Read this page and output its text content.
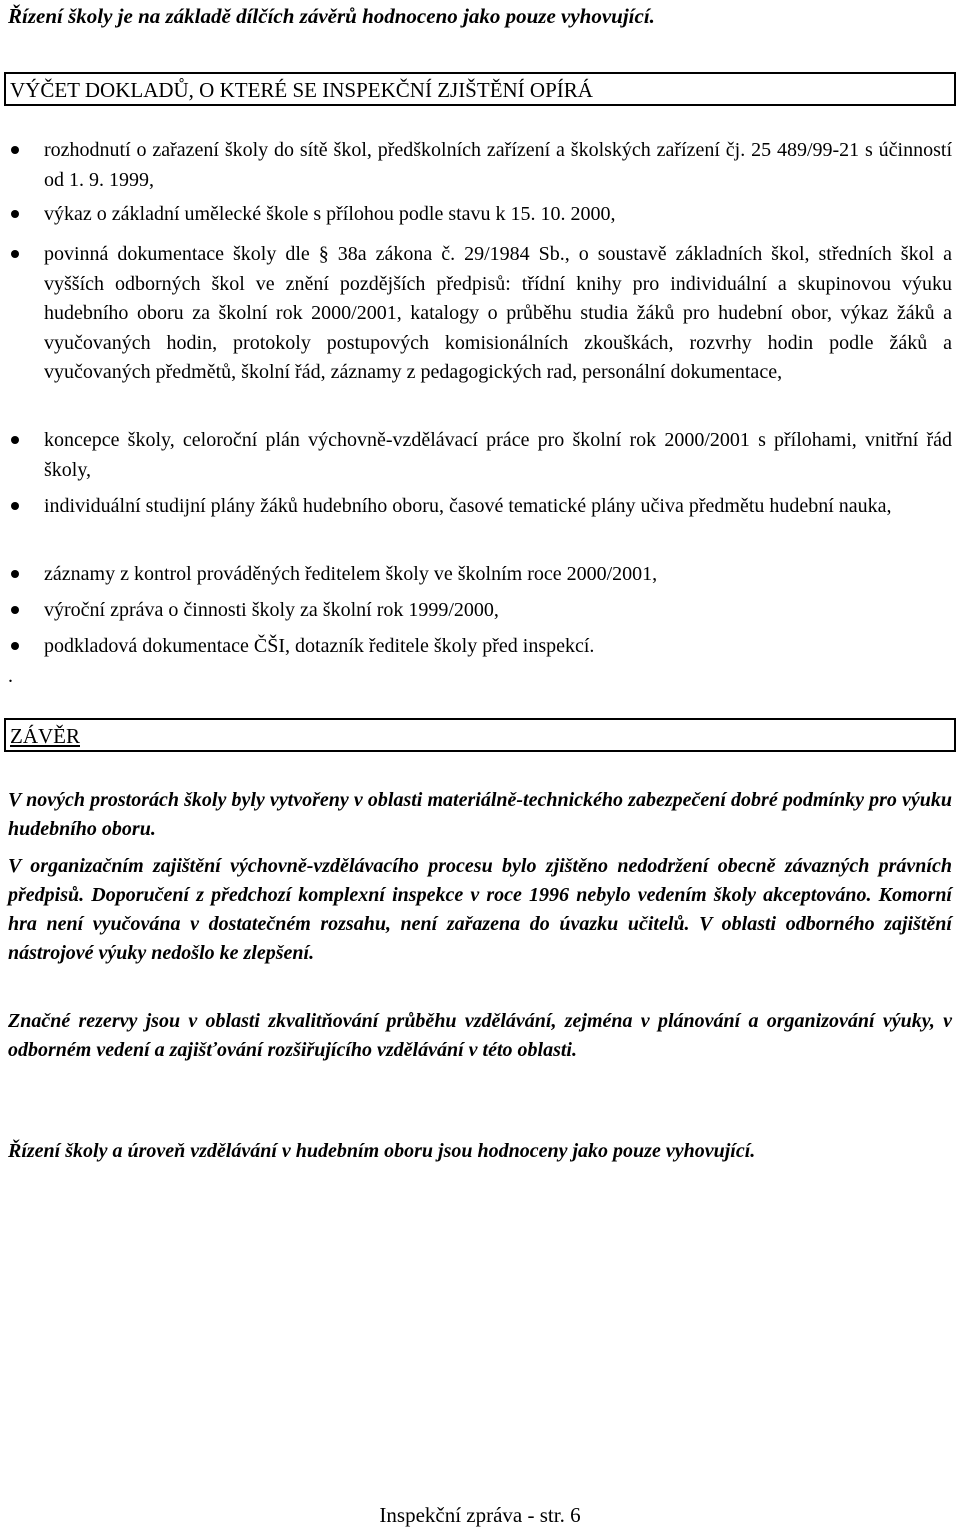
Řízení školy je na základě dílčích závěrů hodnoceno jako pouze vyhovující.
VÝČET DOKLADŮ, O KTERÉ SE INSPEKČNÍ ZJIŠTĚNÍ OPÍRÁ
rozhodnutí o zařazení školy do sítě škol, předškolních zařízení a školských zařízení čj. 25 489/99-21 s účinností od 1. 9. 1999,
výkaz o základní umělecké škole s přílohou podle stavu k 15. 10. 2000,
povinná dokumentace školy dle § 38a zákona č. 29/1984 Sb., o soustavě základních škol, středních škol a vyšších odborných škol ve znění pozdějších předpisů: třídní knihy pro individuální a skupinovou výuku hudebního oboru za školní rok 2000/2001, katalogy o průběhu studia žáků pro hudební obor, výkaz žáků a vyučovaných hodin, protokoly postupových komisionálních zkouškách, rozvrhy hodin podle žáků a vyučovaných předmětů, školní řád, záznamy z pedagogických rad, personální dokumentace,
koncepce školy, celoroční plán výchovně-vzdělávací práce pro školní rok 2000/2001 s přílohami, vnitřní řád školy,
individuální studijní plány žáků hudebního oboru, časové tematické plány učiva předmětu hudební nauka,
záznamy z kontrol prováděných ředitelem školy ve školním roce 2000/2001,
výroční zpráva o činnosti školy za školní rok 1999/2000,
podkladová dokumentace ČŠI, dotazník ředitele školy před inspekcí.
.
ZÁVĚR

V nových prostorách školy byly vytvořeny v oblasti materiálně-technického zabezpečení dobré podmínky pro výuku hudebního oboru.

V organizačním zajištění výchovně-vzdělávacího procesu bylo zjištěno nedodržení obecně závazných právních předpisů. Doporučení z předchozí komplexní inspekce v roce 1996 nebylo vedením školy akceptováno. Komorní hra není vyučována v dostatečném rozsahu, není zařazena do úvazku učitelů. V oblasti odborného zajištění nástrojové výuky nedošlo ke zlepšení.

Značné rezervy jsou v oblasti zkvalitňování průběhu vzdělávání, zejména v plánování a organizování výuky, v odborném vedení a zajišťování rozšiřujícího vzdělávání v této oblasti.

Řízení školy a úroveň vzdělávání v hudebním oboru jsou hodnoceny jako pouze vyhovující.

Inspekční zpráva - str. 6
